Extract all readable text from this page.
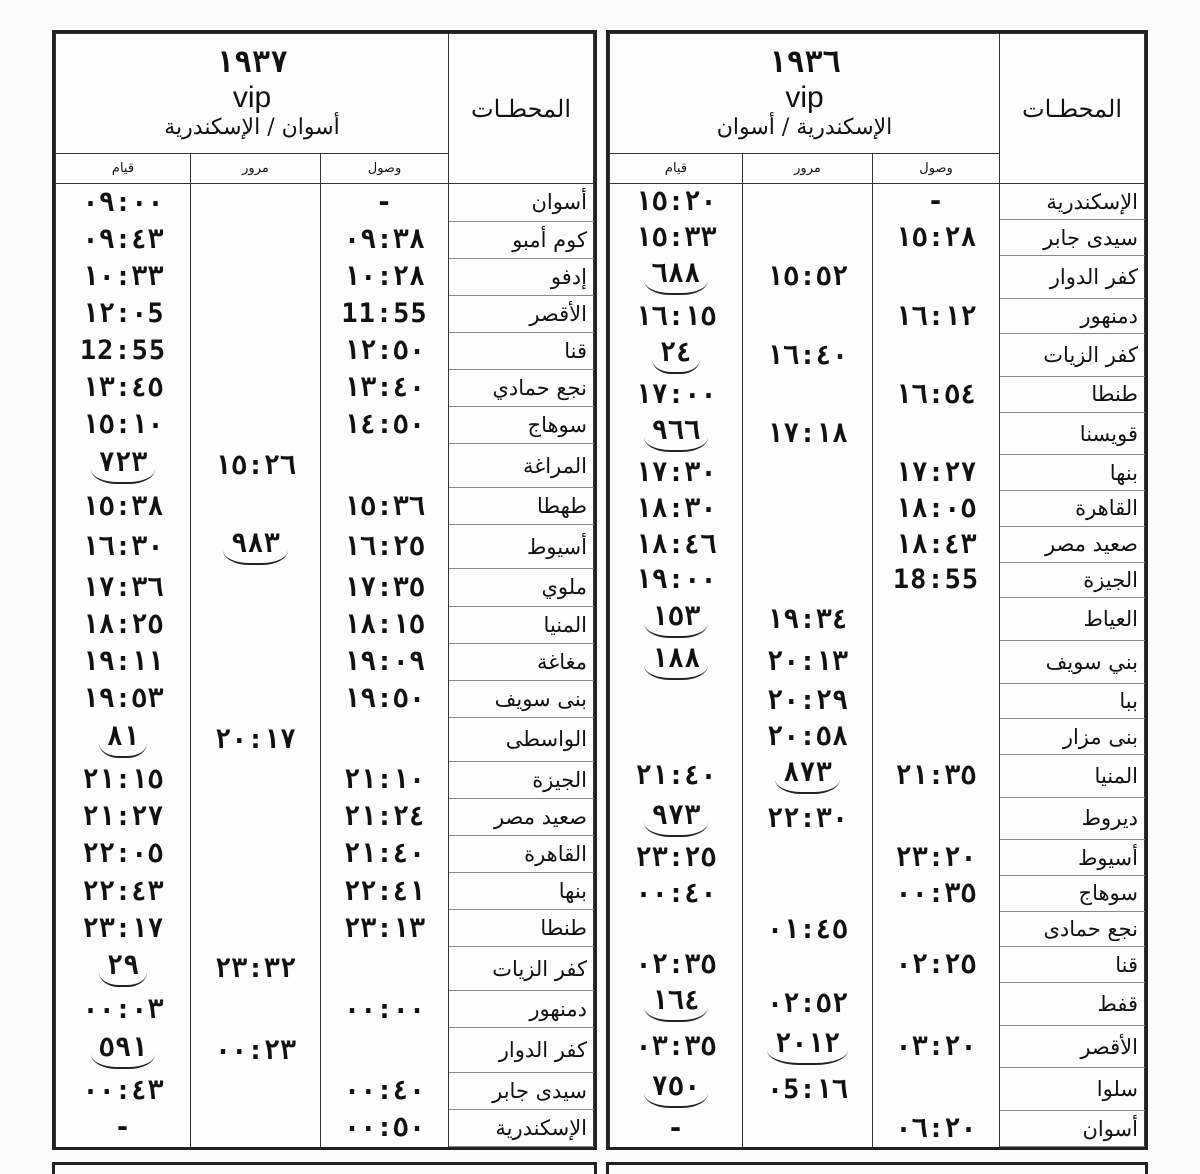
١٩٣٧
vip
أسوان / الإسكندرية			المحطـات
قيام	مرور	وصول	
٠٩:٠٠		-	أسوان
٠٩:٤٣		٠٩:٣٨	كوم أمبو
١٠:٣٣		١٠:٢٨	إدفو
١٢:٠5		11:55	الأقصر
12:55		١٢:٥٠	قنا
١٣:٤٥		١٣:٤٠	نجع حمادي
١٥:١٠		١٤:٥٠	سوهاج
٧٢٣	١٥:٢٦		المراغة
١٥:٣٨		١٥:٣٦	طهطا
١٦:٣٠	٩٨٣	١٦:٢٥	أسيوط
١٧:٣٦		١٧:٣٥	ملوي
١٨:٢٥		١٨:١٥	المنيا
١٩:١١		١٩:٠٩	مغاغة
١٩:٥٣		١٩:٥٠	بنى سويف
٨١	٢٠:١٧		الواسطى
٢١:١٥		٢١:١٠	الجيزة
٢١:٢٧		٢١:٢٤	صعيد مصر
٢٢:٠٥		٢١:٤٠	القاهرة
٢٢:٤٣		٢٢:٤١	بنها
٢٣:١٧		٢٣:١٣	طنطا
٢٩	٢٣:٣٢		كفر الزيات
٠٠:٠٣		٠٠:٠٠	دمنهور
٥٩١	٠٠:٢٣		كفر الدوار
٠٠:٤٣		٠٠:٤٠	سيدى جابر
-		٠٠:٥٠	الإسكندرية
١٩٣٦
vip
الإسكندرية / أسوان			المحطـات
قيام	مرور	وصول	
١٥:٢٠		-	الإسكندرية
١٥:٣٣		١٥:٢٨	سيدى جابر
٦٨٨	١٥:٥٢		كفر الدوار
١٦:١٥		١٦:١٢	دمنهور
٢٤	١٦:٤٠		كفر الزيات
١٧:٠٠		١٦:٥٤	طنطا
٩٦٦	١٧:١٨		قويسنا
١٧:٣٠		١٧:٢٧	بنها
١٨:٣٠		١٨:٠٥	القاهرة
١٨:٤٦		١٨:٤٣	صعيد مصر
١٩:٠٠		18:55	الجيزة
١٥٣	١٩:٣٤		العياط
١٨٨	٢٠:١٣		بني سويف
	٢٠:٢٩		ببا
	٢٠:٥٨		بنى مزار
٢١:٤٠	٨٧٣	٢١:٣٥	المنيا
٩٧٣	٢٢:٣٠		ديروط
٢٣:٢٥		٢٣:٢٠	أسيوط
٠٠:٤٠		٠٠:٣٥	سوهاج
	٠١:٤٥		نجع حمادى
٠٢:٣٥		٠٢:٢٥	قنا
١٦٤	٠٢:٥٢		قفط
٠٣:٣٥	٢٠١٢	٠٣:٢٠	الأقصر
٧٥٠	٠5:١٦		سلوا
-		٠٦:٢٠	أسوان
